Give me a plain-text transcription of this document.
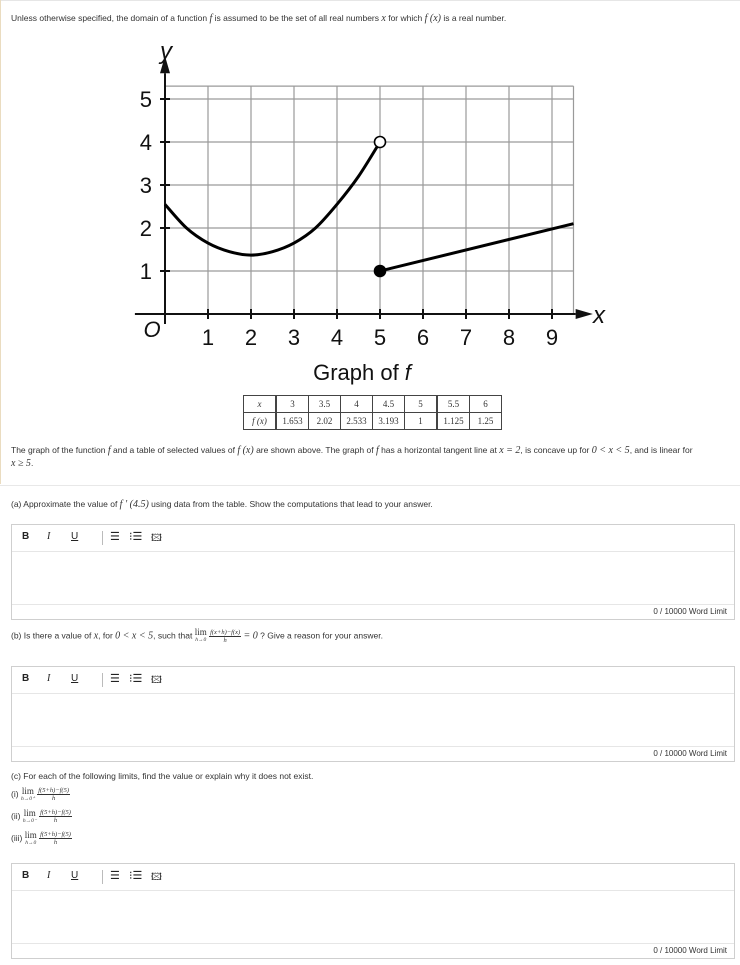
Unless otherwise specified, the domain of a function f is assumed to be the set of all real numbers x for which f (x) is a real number.
1 2 3 4 5 6 7 8 9
1
2
3
4
5
y
x
O
Graph of f
x	3	3.5	4	4.5	5	5.5	6
f (x)	1.653	2.02	2.533	3.193	1	1.125	1.25
The graph of the function f and a table of selected values of f (x) are shown above. The graph of f has a horizontal tangent line at x = 2, is concave up for 0 < x < 5, and is linear for
x ≥ 5.
(a) Approximate the value of f ′ (4.5) using data from the table. Show the computations that lead to your answer.
B I U	☰ ⁝☰ 🖾
0 / 10000 Word Limit
(b) Is there a value of x, for 0 < x < 5, such that lim
h→0
$\frac{f(x+h)-f(x)}{h} = 0$ ? Give a reason for your answer.
B I U	☰ ⁝☰ 🖾
0 / 10000 Word Limit
(c) For each of the following limits, find the value or explain why it does not exist.
(i) lim
h→0⁺
$\frac{f(5+h)-f(5)}{h}$
(ii) lim
h→0⁻
$\frac{f(5+h)-f(5)}{h}$
(iii) lim
h→0
$\frac{f(5+h)-f(5)}{h}$
B I U	☰ ⁝☰ 🖾
0 / 10000 Word Limit
